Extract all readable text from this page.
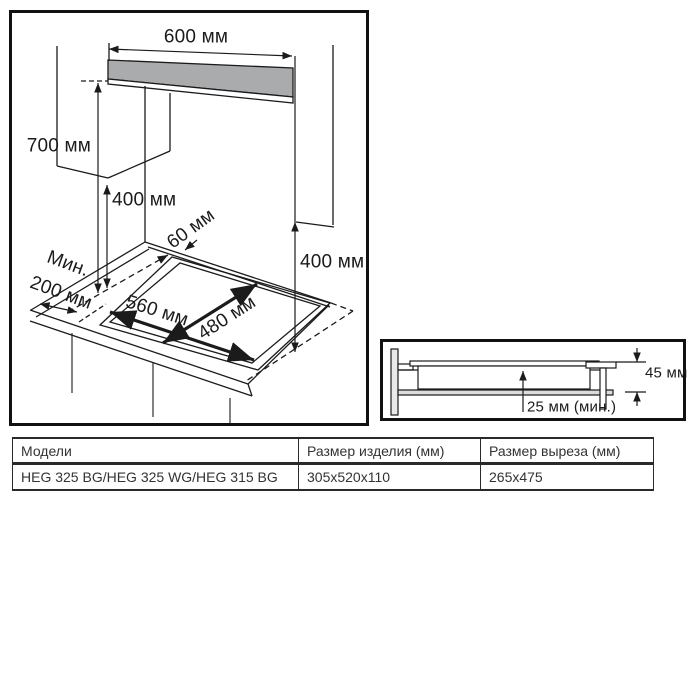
600 мм
700 мм
400 мм
60 мм
Мин.
200 мм 560 мм 480 мм
400 мм
45 мм
25 мм (мин.)
Модели	Размер изделия (мм)	Размер выреза (мм)
HEG 325 BG/HEG 325 WG/HEG 315 BG	305x520x110	265x475
